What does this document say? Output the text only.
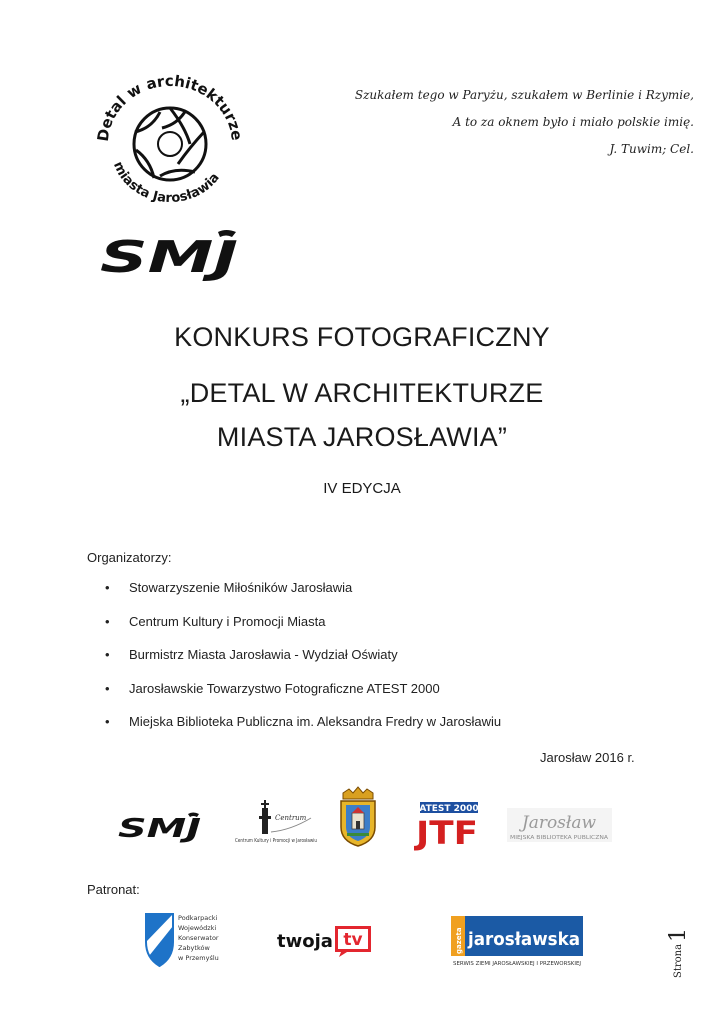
Detal w architekturze
miasta Jarosławia
SMJ
Szukałem tego w Paryżu, szukałem w Berlinie i Rzymie,
A to za oknem było i miało polskie imię.
J. Tuwim; Cel.
KONKURS FOTOGRAFICZNY
„DETAL W ARCHITEKTURZE
MIASTA JAROSŁAWIA”
IV EDYCJA
Organizatorzy:
•	Stowarzyszenie Miłośników Jarosławia
•	Centrum Kultury i Promocji Miasta
•	Burmistrz Miasta Jarosławia - Wydział Oświaty
•	Jarosławskie Towarzystwo Fotograficzne ATEST 2000
•	Miejska Biblioteka Publiczna im. Aleksandra Fredry w Jarosławiu
Jarosław 2016 r.
SMJ	Centrum
Centrum Kultury i Promocji w Jarosławiu
ATEST 2000
JTF	Jarosław
MIEJSKA BIBLIOTEKA PUBLICZNA
Patronat:
Podkarpacki Wojewódzki Konserwator Zabytków w Przemyślu
twoja tv	gazeta jarosławska
SERWIS ZIEMI JAROSŁAWSKIEJ I PRZEWORSKIEJ	Strona
1
